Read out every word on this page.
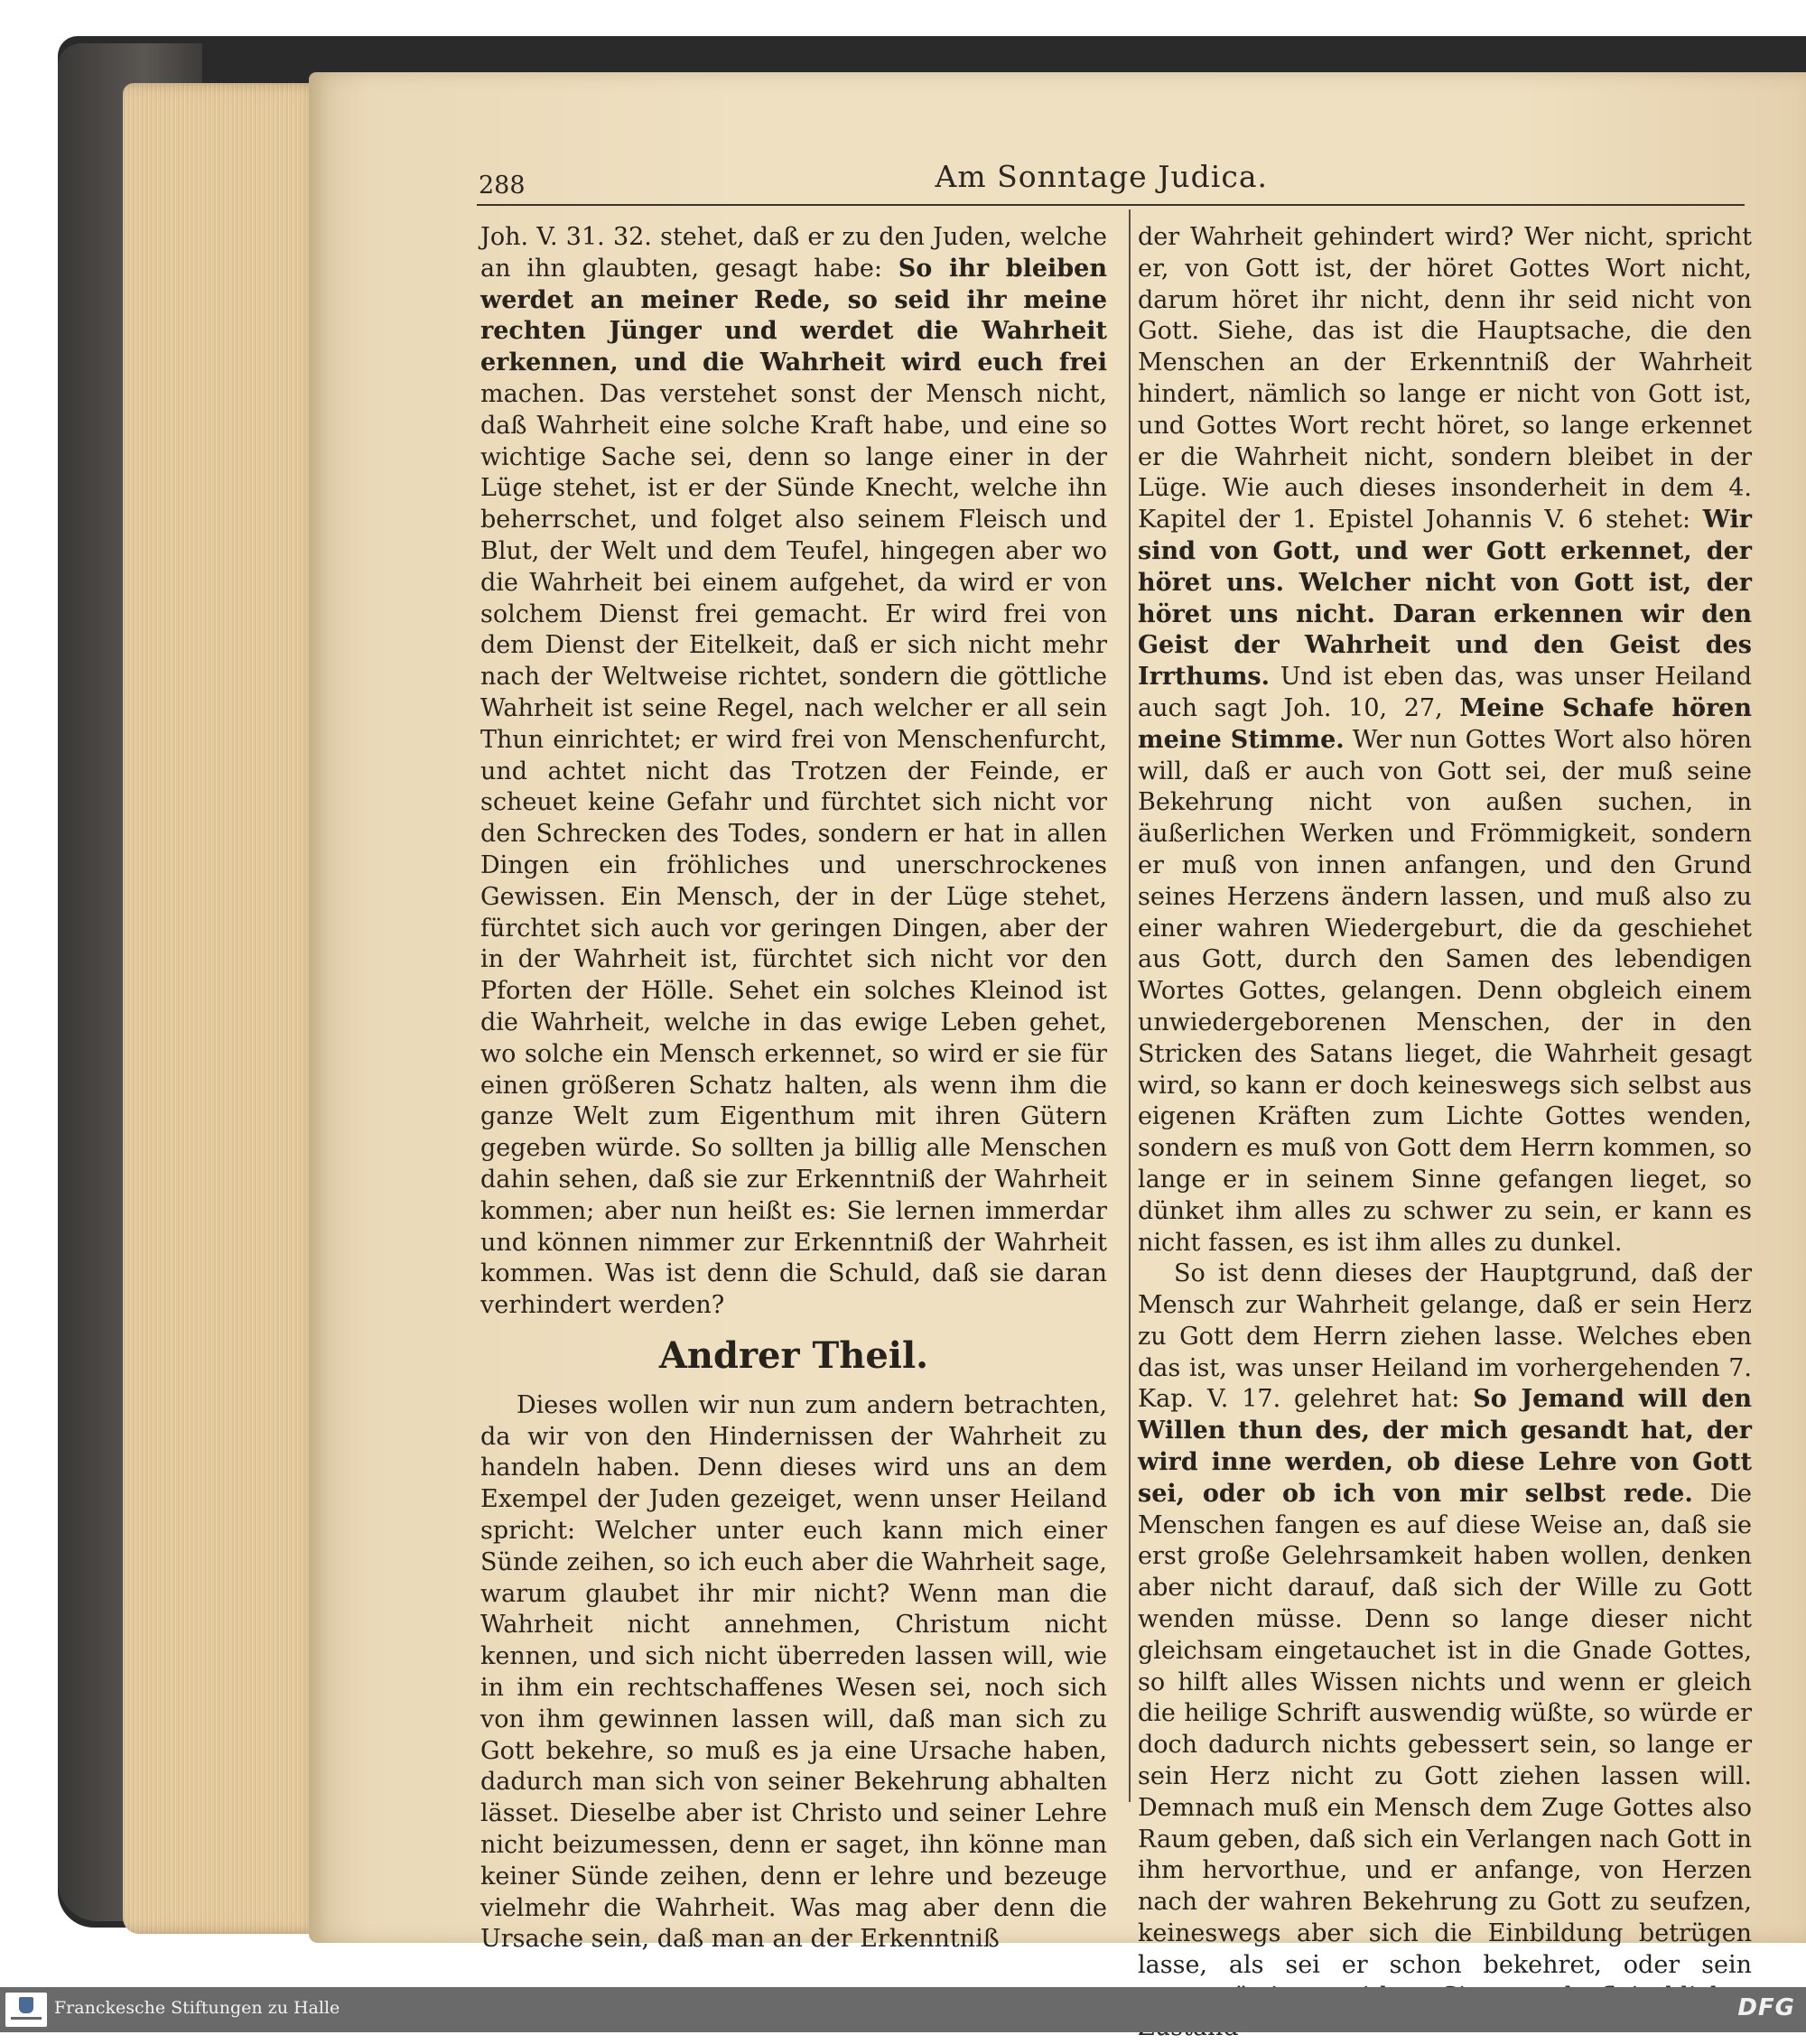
288	Am Sonntage Judica.

Joh. V. 31. 32. stehet, daß er zu den Juden, welche an ihn glaubten, gesagt habe: So ihr bleiben werdet an meiner Rede, so seid ihr meine rechten Jünger und werdet die Wahrheit erkennen, und die Wahrheit wird euch frei machen. Das verstehet sonst der Mensch nicht, daß Wahrheit eine solche Kraft habe, und eine so wichtige Sache sei, denn so lange einer in der Lüge stehet, ist er der Sünde Knecht, welche ihn beherrschet, und folget also seinem Fleisch und Blut, der Welt und dem Teufel, hingegen aber wo die Wahrheit bei einem aufgehet, da wird er von solchem Dienst frei gemacht. Er wird frei von dem Dienst der Eitelkeit, daß er sich nicht mehr nach der Weltweise richtet, sondern die göttliche Wahrheit ist seine Regel, nach welcher er all sein Thun einrichtet; er wird frei von Menschenfurcht, und achtet nicht das Trotzen der Feinde, er scheuet keine Gefahr und fürchtet sich nicht vor den Schrecken des Todes, sondern er hat in allen Dingen ein fröhliches und unerschrockenes Gewissen. Ein Mensch, der in der Lüge stehet, fürchtet sich auch vor geringen Dingen, aber der in der Wahrheit ist, fürchtet sich nicht vor den Pforten der Hölle. Sehet ein solches Kleinod ist die Wahrheit, welche in das ewige Leben gehet, wo solche ein Mensch erkennet, so wird er sie für einen größeren Schatz halten, als wenn ihm die ganze Welt zum Eigenthum mit ihren Gütern gegeben würde. So sollten ja billig alle Menschen dahin sehen, daß sie zur Erkenntniß der Wahrheit kommen; aber nun heißt es: Sie lernen immerdar und können nimmer zur Erkenntniß der Wahrheit kommen. Was ist denn die Schuld, daß sie daran verhindert werden?

Andrer Theil.

Dieses wollen wir nun zum andern betrachten, da wir von den Hindernissen der Wahrheit zu handeln haben. Denn dieses wird uns an dem Exempel der Juden gezeiget, wenn unser Heiland spricht: Welcher unter euch kann mich einer Sünde zeihen, so ich euch aber die Wahrheit sage, warum glaubet ihr mir nicht? Wenn man die Wahrheit nicht annehmen, Christum nicht kennen, und sich nicht überreden lassen will, wie in ihm ein rechtschaffenes Wesen sei, noch sich von ihm gewinnen lassen will, daß man sich zu Gott bekehre, so muß es ja eine Ursache haben, dadurch man sich von seiner Bekehrung abhalten lässet. Dieselbe aber ist Christo und seiner Lehre nicht beizumessen, denn er saget, ihn könne man keiner Sünde zeihen, denn er lehre und bezeuge vielmehr die Wahrheit. Was mag aber denn die Ursache sein, daß man an der Erkenntniß

der Wahrheit gehindert wird? Wer nicht, spricht er, von Gott ist, der höret Gottes Wort nicht, darum höret ihr nicht, denn ihr seid nicht von Gott. Siehe, das ist die Hauptsache, die den Menschen an der Erkenntniß der Wahrheit hindert, nämlich so lange er nicht von Gott ist, und Gottes Wort recht höret, so lange erkennet er die Wahrheit nicht, sondern bleibet in der Lüge. Wie auch dieses insonderheit in dem 4. Kapitel der 1. Epistel Johannis V. 6 stehet: Wir sind von Gott, und wer Gott erkennet, der höret uns. Welcher nicht von Gott ist, der höret uns nicht. Daran erkennen wir den Geist der Wahrheit und den Geist des Irrthums. Und ist eben das, was unser Heiland auch sagt Joh. 10, 27, Meine Schafe hören meine Stimme. Wer nun Gottes Wort also hören will, daß er auch von Gott sei, der muß seine Bekehrung nicht von außen suchen, in äußerlichen Werken und Frömmigkeit, sondern er muß von innen anfangen, und den Grund seines Herzens ändern lassen, und muß also zu einer wahren Wiedergeburt, die da geschiehet aus Gott, durch den Samen des lebendigen Wortes Gottes, gelangen. Denn obgleich einem unwiedergeborenen Menschen, der in den Stricken des Satans lieget, die Wahrheit gesagt wird, so kann er doch keineswegs sich selbst aus eigenen Kräften zum Lichte Gottes wenden, sondern es muß von Gott dem Herrn kommen, so lange er in seinem Sinne gefangen lieget, so dünket ihm alles zu schwer zu sein, er kann es nicht fassen, es ist ihm alles zu dunkel.

So ist denn dieses der Hauptgrund, daß der Mensch zur Wahrheit gelange, daß er sein Herz zu Gott dem Herrn ziehen lasse. Welches eben das ist, was unser Heiland im vorhergehenden 7. Kap. V. 17. gelehret hat: So Jemand will den Willen thun des, der mich gesandt hat, der wird inne werden, ob diese Lehre von Gott sei, oder ob ich von mir selbst rede. Die Menschen fangen es auf diese Weise an, daß sie erst große Gelehrsamkeit haben wollen, denken aber nicht darauf, daß sich der Wille zu Gott wenden müsse. Denn so lange dieser nicht gleichsam eingetauchet ist in die Gnade Gottes, so hilft alles Wissen nichts und wenn er gleich die heilige Schrift auswendig wüßte, so würde er doch dadurch nichts gebessert sein, so lange er sein Herz nicht zu Gott ziehen lassen will. Demnach muß ein Mensch dem Zuge Gottes also Raum geben, daß sich ein Verlangen nach Gott in ihm hervorthue, und er anfange, von Herzen nach der wahren Bekehrung zu Gott zu seufzen, keineswegs aber sich die Einbildung betrügen lasse, als sei er schon bekehret, oder sein

Franckesche Stiftungen zu Halle	DFG
